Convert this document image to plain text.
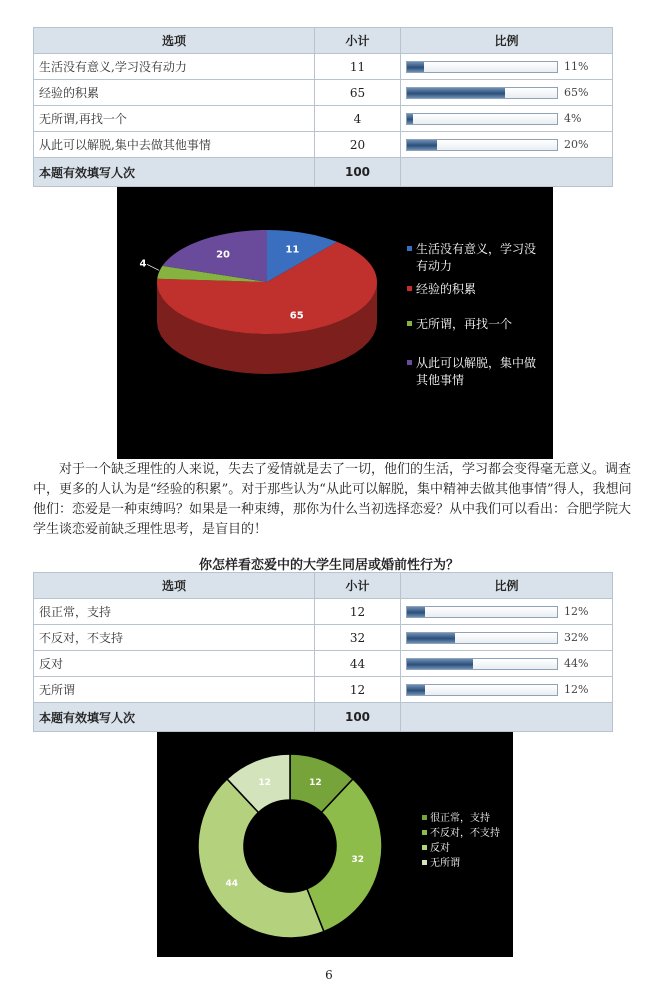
选项	小计	比例
生活没有意义,学习没有动力	11	11%

经验的积累	65	65%

无所谓,再找一个	4	4%

从此可以解脱,集中去做其他事情	20	20%

本题有效填写人次	100	
11
65
4
20	生活没有意义，学习没有动力
经验的积累
无所谓，再找一个
从此可以解脱，集中做其他事情
对于一个缺乏理性的人来说，失去了爱情就是去了一切，他们的生活，学习都会变得毫无意义。调查中，更多的人认为是“经验的积累”。对于那些认为“从此可以解脱，集中精神去做其他事情”得人，我想问他们：恋爱是一种束缚吗？如果是一种束缚，那你为什么当初选择恋爱？从中我们可以看出：合肥学院大学生谈恋爱前缺乏理性思考，是盲目的！
你怎样看恋爱中的大学生同居或婚前性行为？
选项	小计	比例
很正常，支持	12	12%

不反对，不支持	32	32%

反对	44	44%

无所谓	12	12%

本题有效填写人次	100	
12
32
44
12
很正常，支持
不反对，不支持
反对
无所谓
6
